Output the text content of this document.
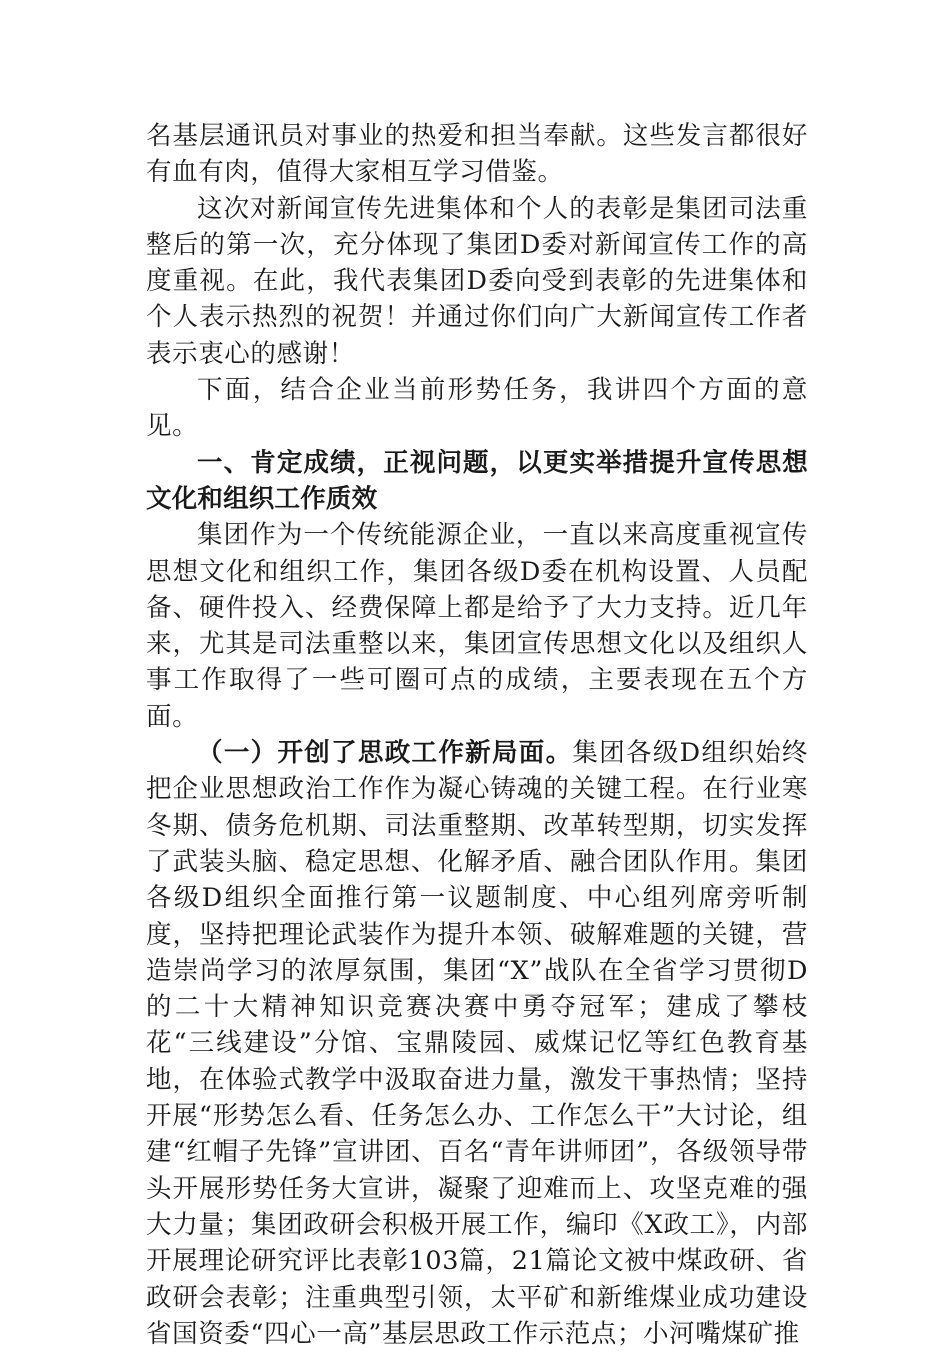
名基层通讯员对事业的热爱和担当奉献。这些发言都很好有血有肉，值得大家相互学习借鉴。

这次对新闻宣传先进集体和个人的表彰是集团司法重整后的第一次，充分体现了集团D委对新闻宣传工作的高度重视。在此，我代表集团D委向受到表彰的先进集体和个人表示热烈的祝贺！并通过你们向广大新闻宣传工作者表示衷心的感谢！

下面，结合企业当前形势任务，我讲四个方面的意见。

一、肯定成绩，正视问题，以更实举措提升宣传思想文化和组织工作质效

集团作为一个传统能源企业，一直以来高度重视宣传思想文化和组织工作，集团各级D委在机构设置、人员配备、硬件投入、经费保障上都是给予了大力支持。近几年来，尤其是司法重整以来，集团宣传思想文化以及组织人事工作取得了一些可圈可点的成绩，主要表现在五个方面。

（一）开创了思政工作新局面。集团各级D组织始终把企业思想政治工作作为凝心铸魂的关键工程。在行业寒冬期、债务危机期、司法重整期、改革转型期，切实发挥了武装头脑、稳定思想、化解矛盾、融合团队作用。集团各级D组织全面推行第一议题制度、中心组列席旁听制度，坚持把理论武装作为提升本领、破解难题的关键，营造崇尚学习的浓厚氛围，集团“X”战队在全省学习贯彻D的二十大精神知识竞赛决赛中勇夺冠军；建成了攀枝花“三线建设”分馆、宝鼎陵园、威煤记忆等红色教育基地，在体验式教学中汲取奋进力量，激发干事热情；坚持开展“形势怎么看、任务怎么办、工作怎么干”大讨论，组建“红帽子先锋”宣讲团、百名“青年讲师团”，各级领导带头开展形势任务大宣讲，凝聚了迎难而上、攻坚克难的强大力量；集团政研会积极开展工作，编印《X政工》，内部开展理论研究评比表彰103篇，21篇论文被中煤政研、省政研会表彰；注重典型引领，太平矿和新维煤业成功建设省国资委“四心一高”基层思政工作示范点；小河嘴煤矿推
